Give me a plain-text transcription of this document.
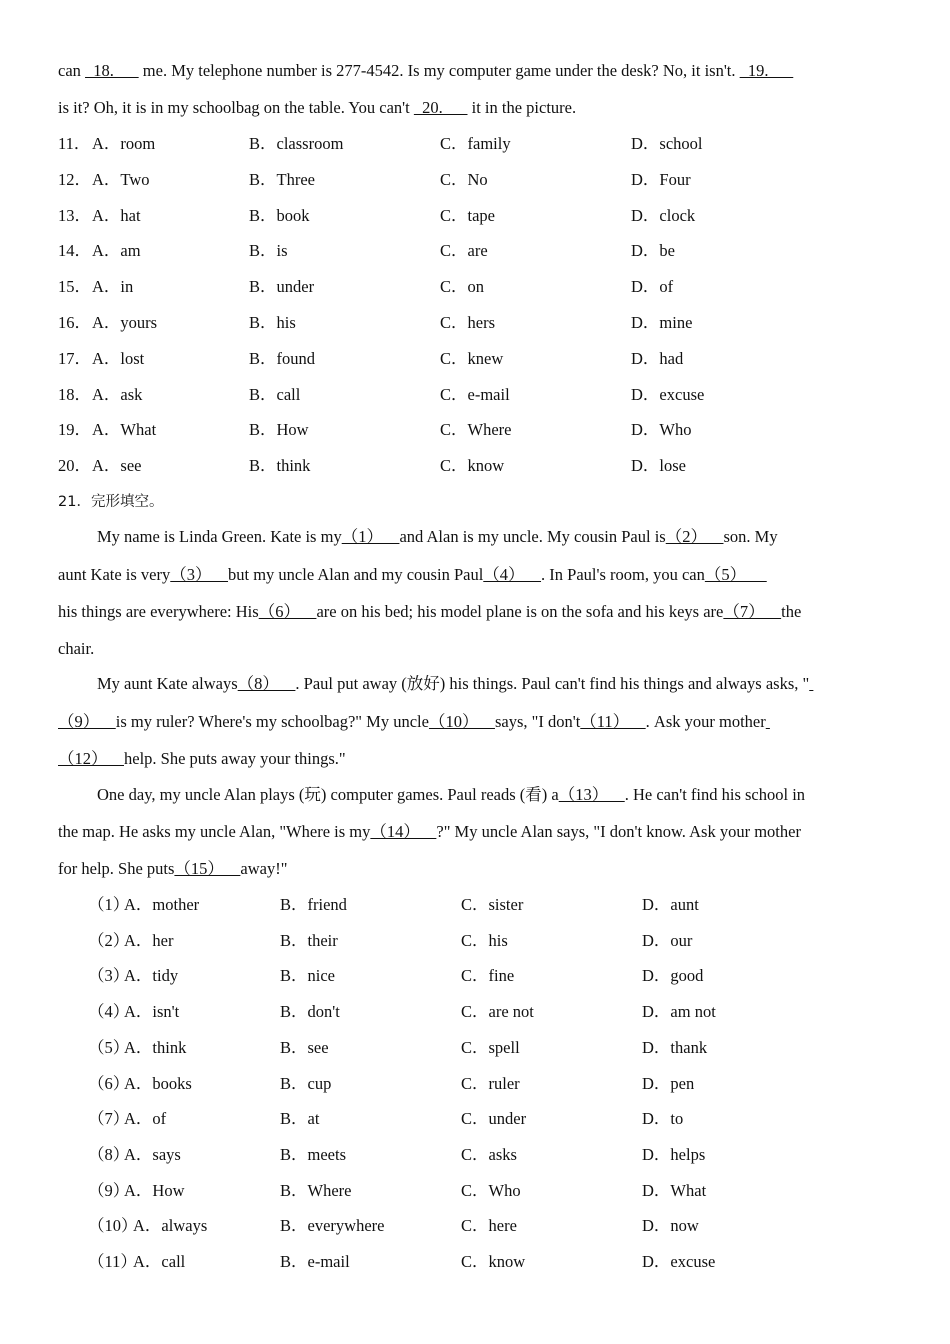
can   18.       me. My telephone number is 277-4542. Is my computer game under the desk? No, it isn't.   19.
is it? Oh, it is in my schoolbag on the table. You can't   20.       it in the picture.
11． A．room	B．classroom	C．family	D．school
12． A．Two	B．Three	C．No	D．Four
13． A．hat	B．book	C．tape	D．clock
14． A．am	B．is	C．are	D．be
15． A．in	B．under	C．on	D．of
16． A．yours	B．his	C．hers	D．mine
17． A．lost	B．found	C．knew	D．had
18． A．ask	B．call	C．e-mail	D．excuse
19． A．What	B．How	C．Where	D．Who
20． A．see	B．think	C．know	D．lose
21．完形填空。
My name is Linda Green. Kate is my（1）    and Alan is my uncle. My cousin Paul is（2）    son. My
aunt Kate is very（3）    but my uncle Alan and my cousin Paul（4）    . In Paul's room, you can（5）
his things are everywhere: His（6）    are on his bed; his model plane is on the sofa and his keys are（7）    the
chair.
My aunt Kate always（8）    . Paul put away (放好) his things. Paul can't find his things and always asks, "
（9）    is my ruler? Where's my schoolbag?" My uncle（10）    says, "I don't（11）    . Ask your mother
（12）    help. She puts away your things."
One day, my uncle Alan plays (玩) computer games. Paul reads (看) a（13）    . He can't find his school in
the map. He asks my uncle Alan, "Where is my（14）    ?" My uncle Alan says, "I don't know. Ask your mother
for help. She puts（15）    away!"
（1）
A．mother	B．friend	C．sister	D．aunt
（2）
A．her	B．their	C．his	D．our
（3）
A．tidy	B．nice	C．fine	D．good
（4）
A．isn't	B．don't	C．are not	D．am not
（5）
A．think	B．see	C．spell	D．thank
（6）
A．books	B．cup	C．ruler	D．pen
（7）
A．of	B．at	C．under	D．to
（8）
A．says	B．meets	C．asks	D．helps
（9）
A．How	B．Where	C．Who	D．What
（10）
A．always	B．everywhere	C．here	D．now
（11）
A．call	B．e-mail	C．know	D．excuse
